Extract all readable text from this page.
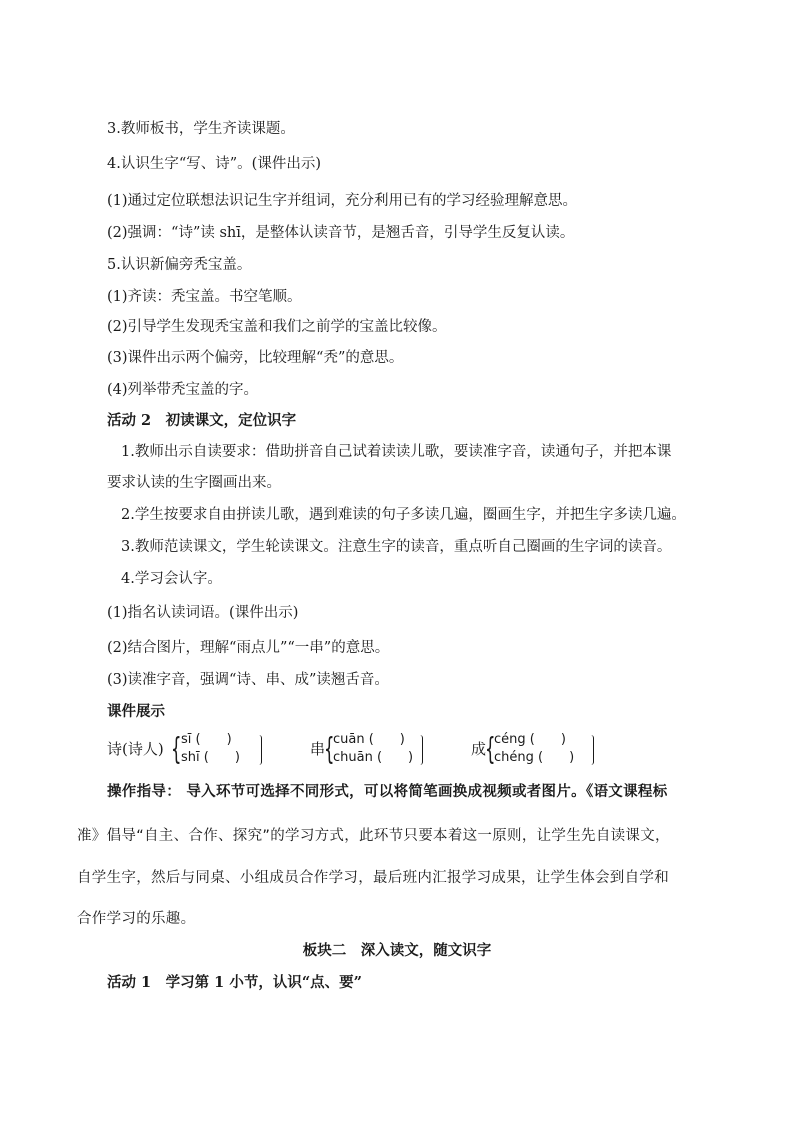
3.教师板书，学生齐读课题。
4.认识生字“写、诗”。(课件出示)
(1)通过定位联想法识记生字并组词，充分利用已有的学习经验理解意思。
(2)强调：“诗”读 shī，是整体认读音节，是翘舌音，引导学生反复认读。
5.认识新偏旁秃宝盖。
(1)齐读：秃宝盖。书空笔顺。
(2)引导学生发现秃宝盖和我们之前学的宝盖比较像。
(3)课件出示两个偏旁，比较理解“秃”的意思。
(4)列举带秃宝盖的字。
活动 2　初读课文，定位识字
1.教师出示自读要求：借助拼音自己试着读读儿歌，要读准字音，读通句子，并把本课
要求认读的生字圈画出来。
2.学生按要求自由拼读儿歌，遇到难读的句子多读几遍，圈画生字，并把生字多读几遍。
3.教师范读课文，学生轮读课文。注意生字的读音，重点听自己圈画的生字词的读音。
4.学习会认字。
(1)指名认读词语。(课件出示)
(2)结合图片，理解“雨点儿”“一串”的意思。
(3)读准字音，强调“诗、串、成”读翘舌音。
课件展示
诗(诗人) { sī (　　)
shī (　　)	串
{
cuān (　　)
chuān (　　)	成
{
céng (　　)
chéng (　　)
操作指导： 导入环节可选择不同形式，可以将简笔画换成视频或者图片。《语文课程标
准》倡导“自主、合作、探究”的学习方式，此环节只要本着这一原则，让学生先自读课文，
自学生字，然后与同桌、小组成员合作学习，最后班内汇报学习成果，让学生体会到自学和
合作学习的乐趣。
板块二　深入读文，随文识字
活动 1　学习第 1 小节，认识“点、要”
